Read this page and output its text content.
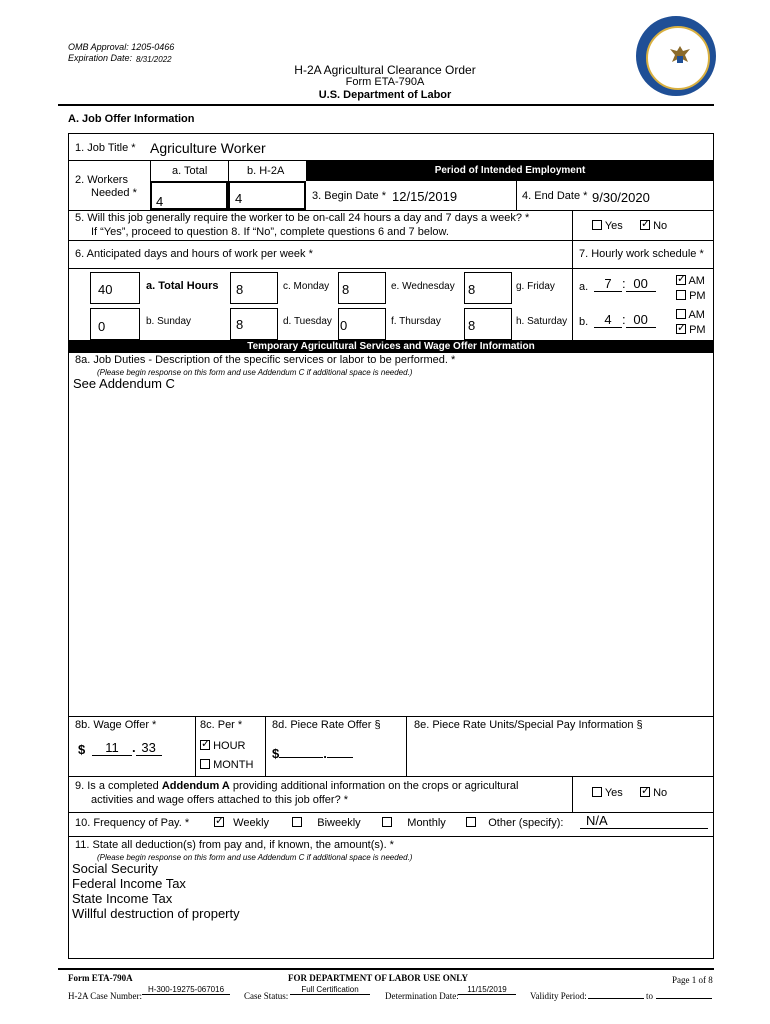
OMB Approval: 1205-0466
Expiration Date: 8/31/2022
H-2A Agricultural Clearance Order
Form ETA-790A
U.S. Department of Labor
A. Job Offer Information
1. Job Title * Agriculture Worker
2. Workers
Needed *
a. Total	b. H-2A
4	4
Period of Intended Employment
3. Begin Date * 12/15/2019	4. End Date * 9/30/2020
5. Will this job generally require the worker to be on-call 24 hours a day and 7 days a week? *
If “Yes”, proceed to question 8. If “No”, complete questions 6 and 7 below.	Yes ✓	No
6. Anticipated days and hours of work per week *	7. Hourly work schedule *
40	a. Total Hours
0	b. Sunday
8	c. Monday
8	d. Tuesday
8	e. Wednesday
0	f. Thursday
8	g. Friday
8	h. Saturday
a.	7 : 00 ✓	AM
PM
b.	4 : 00	AM
✓ PM
Temporary Agricultural Services and Wage Offer Information
8a. Job Duties - Description of the specific services or labor to be performed. *
(Please begin response on this form and use Addendum C if additional space is needed.)
See Addendum C
8b. Wage Offer *
$	11 . 33
8c. Per *
✓ HOUR
MONTH
8d. Piece Rate Offer §
$	.
8e. Piece Rate Units/Special Pay Information §
9. Is a completed Addendum A providing additional information on the crops or agricultural
activities and wage offers attached to this job offer? *
Yes ✓	No
10. Frequency of Pay. * ✓	Weekly	Biweekly	Monthly	Other (specify):	N/A
11. State all deduction(s) from pay and, if known, the amount(s). *
(Please begin response on this form and use Addendum C if additional space is needed.)
Social Security
Federal Income Tax
State Income Tax
Willful destruction of property
Form ETA-790A	FOR DEPARTMENT OF LABOR USE ONLY	Page 1 of 8
H-2A Case Number:
H-300-19275-067016
Case Status:
Full Certification
Determination Date:
11/15/2019
Validity Period:	to
